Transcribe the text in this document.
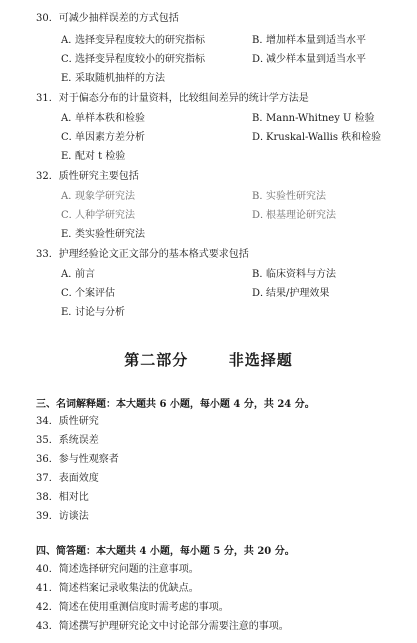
30．可减少抽样误差的方式包括
A．选择变异程度较大的研究指标	B．增加样本量到适当水平
C．选择变异程度较小的研究指标	D．减少样本量到适当水平
E．采取随机抽样的方法
31．对于偏态分布的计量资料，比较组间差异的统计学方法是
A．单样本秩和检验	B．Mann-Whitney U 检验
C．单因素方差分析	D．Kruskal-Wallis 秩和检验
E．配对 t 检验
32．质性研究主要包括
A．现象学研究法	B．实验性研究法
C．人种学研究法	D．根基理论研究法
E．类实验性研究法
33．护理经验论文正文部分的基本格式要求包括
A．前言	B．临床资料与方法
C．个案评估	D．结果/护理效果
E．讨论与分析
第二部分	非选择题
三、名词解释题：本大题共 6 小题，每小题 4 分，共 24 分。
34．质性研究
35．系统误差
36．参与性观察者
37．表面效度
38．相对比
39．访谈法
四、简答题：本大题共 4 小题，每小题 5 分，共 20 分。
40．简述选择研究问题的注意事项。
41．简述档案记录收集法的优缺点。
42．简述在使用重测信度时需考虑的事项。
43．简述撰写护理研究论文中讨论部分需要注意的事项。
